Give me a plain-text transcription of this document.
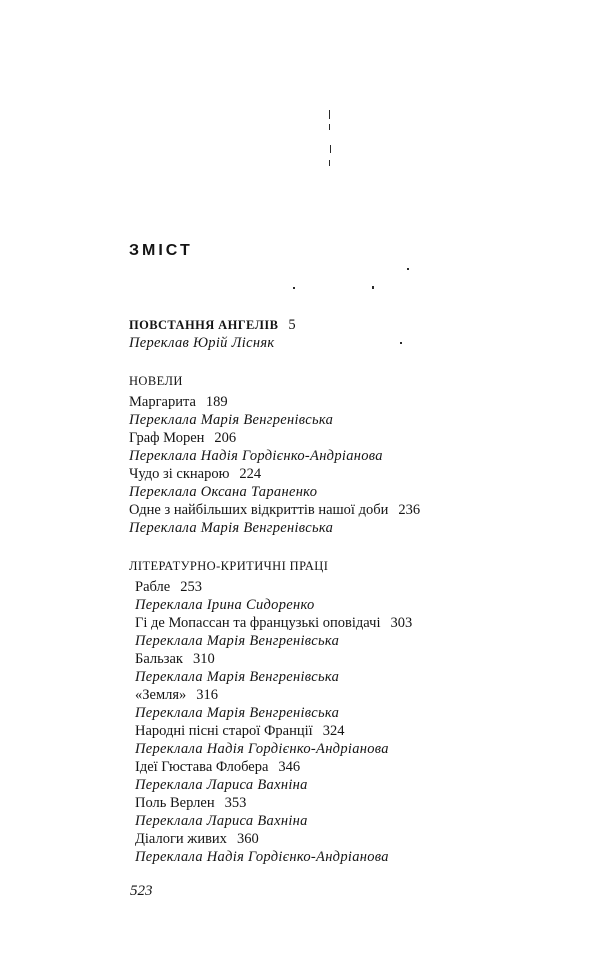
ЗМІСТ
ПОВСТАННЯ АНГЕЛІВ 5
Переклав Юрій Лісняк
НОВЕЛИ
Маргарита 189
Переклала Марія Венгренівська
Граф Морен 206
Переклала Надія Гордієнко-Андріанова
Чудо зі скнарою 224
Переклала Оксана Тараненко
Одне з найбільших відкриттів нашої доби 236
Переклала Марія Венгренівська
ЛІТЕРАТУРНО-КРИТИЧНІ ПРАЦІ
Рабле 253
Переклала Ірина Сидоренко
Гі де Мопассан та французькі оповідачі 303
Переклала Марія Венгренівська
Бальзак 310
Переклала Марія Венгренівська
«Земля» 316
Переклала Марія Венгренівська
Народні пісні старої Франції 324
Переклала Надія Гордієнко-Андріанова
Ідеї Гюстава Флобера 346
Переклала Лариса Вахніна
Поль Верлен 353
Переклала Лариса Вахніна
Діалоги живих 360
Переклала Надія Гордієнко-Андріанова
523
